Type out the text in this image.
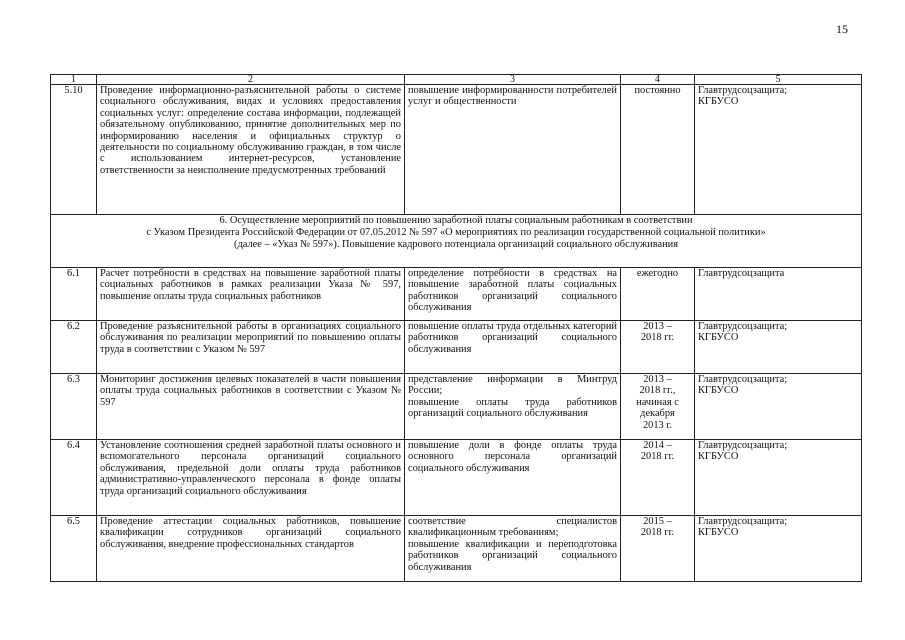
15
1	2	3	4	5
5.10	Проведение информационно-разъяснительной работы о системе социального обслуживания, видах и условиях предоставления социальных услуг: определение состава информации, подлежащей обязательному опубликованию, принятие дополнительных мер по информированию населения и официальных структур о деятельности по социальному обслуживанию граждан, в том числе с использованием интернет-ресурсов, установление ответственности за неисполнение предусмотренных требований	повышение информированности потребителей услуг и общественности	постоянно	Главтрудсоцзащита;
КГБУСО

6. Осуществление мероприятий по повышению заработной платы социальным работникам в соответствии
с Указом Президента Российской Федерации от 07.05.2012 № 597 «О мероприятиях по реализации государственной социальной политики»
(далее – «Указ № 597»). Повышение кадрового потенциала организаций социального обслуживания				

6.1	Расчет потребности в средствах на повышение заработной платы социальных работников в рамках реализации Указа № 597, повышение оплаты труда социальных работников	определение потребности в средствах на повышение заработной платы социальных работников организаций социального обслуживания	ежегодно	Главтрудсоцзащита
6.2	Проведение разъяснительной работы в организациях социального обслуживания по реализации мероприятий по повышению оплаты труда в соответствии с Указом № 597	повышение оплаты труда отдельных категорий работников организаций социального обслуживания	2013 –
2018 гг.	Главтрудсоцзащита;
КГБУСО
6.3	Мониторинг достижения целевых показателей в части повышения оплаты труда социальных работников в соответствии с Указом № 597	представление информации в Минтруд России;
повышение оплаты труда работников организаций социального обслуживания	2013 –
2018 гг.,
начиная с
декабря
2013 г.	Главтрудсоцзащита;
КГБУСО
6.4	Установление соотношения средней заработной платы основного и вспомогательного персонала организаций социального обслуживания, предельной доли оплаты труда работников административно-управленческого персонала в фонде оплаты труда организаций социального обслуживания	повышение доли в фонде оплаты труда основного персонала организаций социального обслуживания	2014 –
2018 гг.	Главтрудсоцзащита;
КГБУСО
6.5	Проведение аттестации социальных работников, повышение квалификации сотрудников организаций социального обслуживания, внедрение профессиональных стандартов	соответствие специалистов квалификационным требованиям;
повышение квалификации и переподготовка работников организаций социального обслуживания	2015 –
2018 гг.	Главтрудсоцзащита;
КГБУСО
